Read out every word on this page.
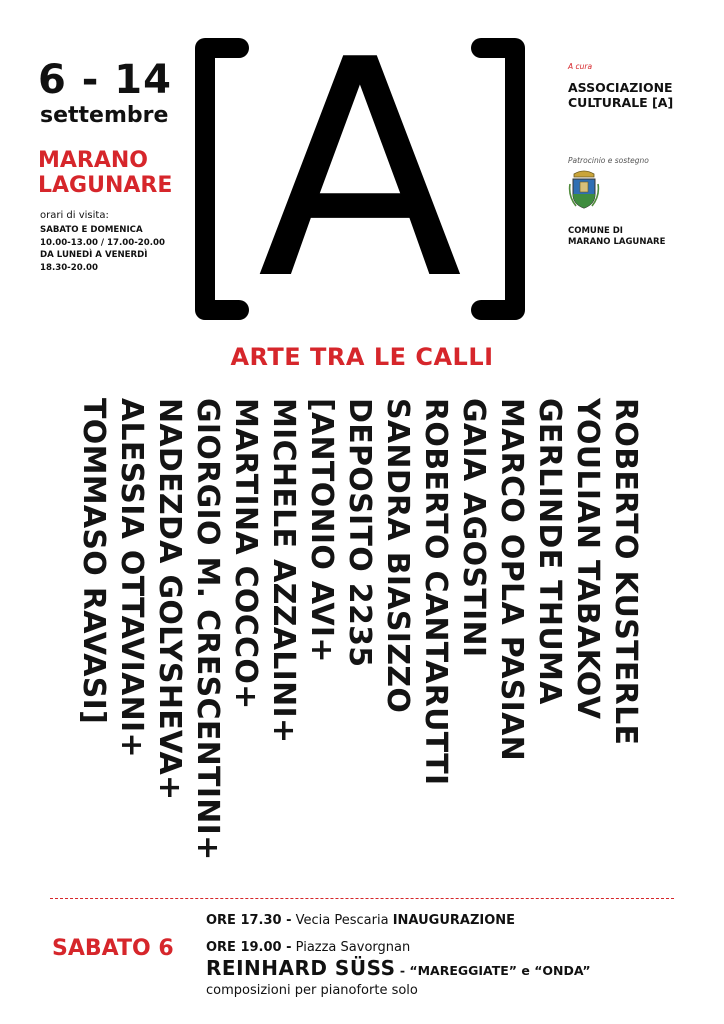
6 - 14
settembre
MARANO
LAGUNARE
orari di visita:
SABATO E DOMENICA
10.00-13.00 / 17.00-20.00
DA LUNEDÌ A VENERDÌ
18.30-20.00 A	A cura
ASSOCIAZIONE
CULTURALE [A]
Patrocinio e sostegno
COMUNE DI
MARANO LAGUNARE
ARTE TRA LE CALLI
ROBERTO KUSTERLE
YOULIAN TABAKOV
GERLINDE THUMA
MARCO OPLA PASIAN
GAIA AGOSTINI
ROBERTO CANTARUTTI
SANDRA BIASIZZO
DEPOSITO 2235
[ANTONIO AVI+
MICHELE AZZALINI+
MARTINA COCCO+
GIORGIO M. CRESCENTINI+
NADEZDA GOLYSHEVA+
ALESSIA OTTAVIANI+
TOMMASO RAVASI]
SABATO 6
ORE 17.30 - Vecia Pescaria INAUGURAZIONE
ORE 19.00 - Piazza Savorgnan
REINHARD SÜSS - “MAREGGIATE” e “ONDA”
composizioni per pianoforte solo
